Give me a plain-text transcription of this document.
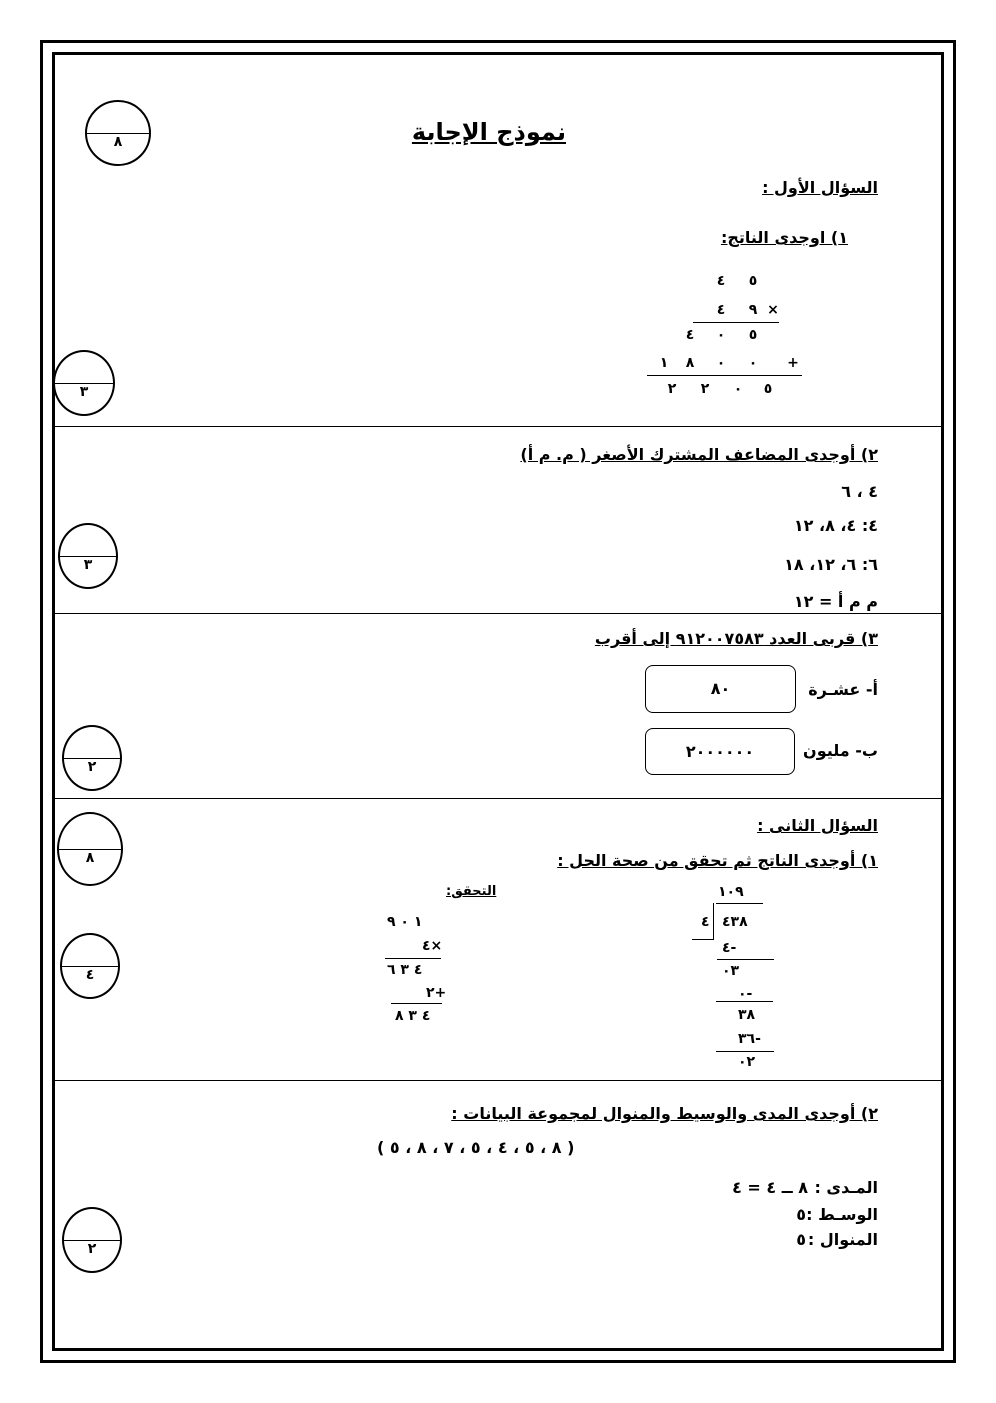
نموذج الإجابة
٨
٣
٣
٢
٨
٤
٢
السؤال الأول :
١) اوجدى الناتج:
٥
٤
×
٩
٤
٥
٠
٤
+
٠
٠
٨
١
٥
٠
٢
٢
٢) أوجدى المضاعف المشترك الأصغر ( م. م أ)
٤ ، ٦
٤: ٤، ٨، ١٢
٦: ٦، ١٢، ١٨
م م أ = ١٢
٣) قربى العدد ٩١٢٠٠٧٥٨٣ إلى أقرب
أ- عشـرة
٨٠
ب- مليون
٢٠٠٠٠٠٠
السؤال الثانى :
١) أوجدى الناتج ثم تحقق من صحة الحل :
١٠٩
٤ ٤٣٨
-٤
٠٣
-٠
٣٨
-٣٦
٠٢
التحقق:
١ ٠ ٩
×٤
٤ ٣ ٦
+٢
٤ ٣ ٨
٢) أوجدى المدى والوسيط والمنوال لمجموعة البيانات :
( ٨ ، ٥ ، ٤ ، ٥ ، ٧ ، ٨ ، ٥ )
المـدى :
٨ ــ ٤ = ٤
الوسـط :
٥
المنوال :
٥
